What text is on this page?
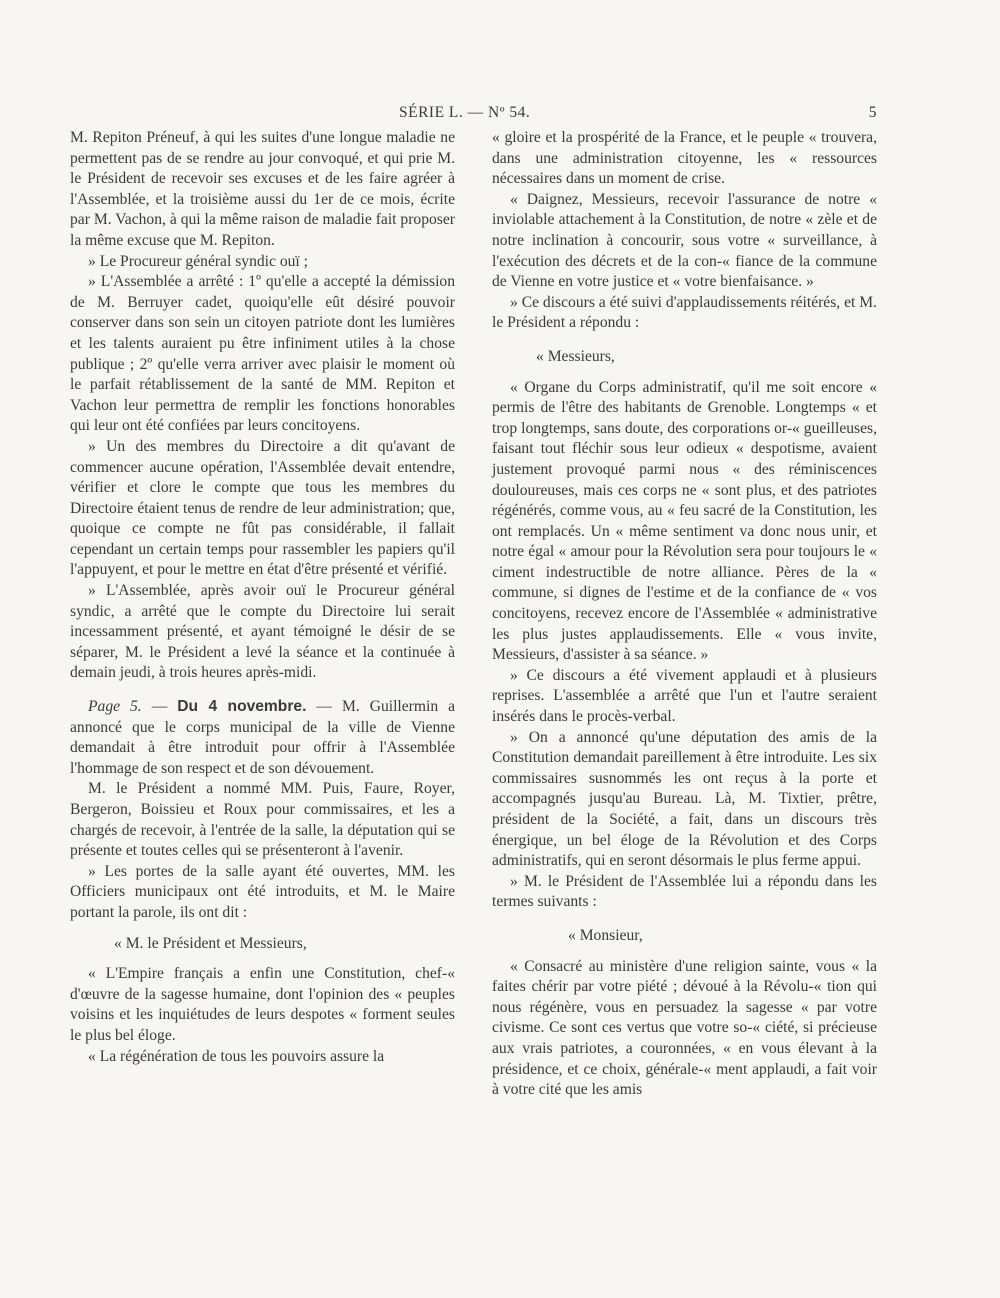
SÉRIE L. — Nº 54.	5

M. Repiton Préneuf, à qui les suites d'une longue maladie ne permettent pas de se rendre au jour convoqué, et qui prie M. le Président de recevoir ses excuses et de les faire agréer à l'Assemblée, et la troisième aussi du 1er de ce mois, écrite par M. Vachon, à qui la même raison de maladie fait proposer la même excuse que M. Repiton.

» Le Procureur général syndic ouï ;

» L'Assemblée a arrêté : 1º qu'elle a accepté la démission de M. Berruyer cadet, quoiqu'elle eût désiré pouvoir conserver dans son sein un citoyen patriote dont les lumières et les talents auraient pu être infiniment utiles à la chose publique ; 2º qu'elle verra arriver avec plaisir le moment où le parfait rétablissement de la santé de MM. Repiton et Vachon leur permettra de remplir les fonctions honorables qui leur ont été confiées par leurs concitoyens.

» Un des membres du Directoire a dit qu'avant de commencer aucune opération, l'Assemblée devait entendre, vérifier et clore le compte que tous les membres du Directoire étaient tenus de rendre de leur administration; que, quoique ce compte ne fût pas considérable, il fallait cependant un certain temps pour rassembler les papiers qu'il l'appuyent, et pour le mettre en état d'être présenté et vérifié.

» L'Assemblée, après avoir ouï le Procureur général syndic, a arrêté que le compte du Directoire lui serait incessamment présenté, et ayant témoigné le désir de se séparer, M. le Président a levé la séance et la continuée à demain jeudi, à trois heures après-midi.

Page 5. — Du 4 novembre. — M. Guillermin a annoncé que le corps municipal de la ville de Vienne demandait à être introduit pour offrir à l'Assemblée l'hommage de son respect et de son dévouement.

M. le Président a nommé MM. Puis, Faure, Royer, Bergeron, Boissieu et Roux pour commissaires, et les a chargés de recevoir, à l'entrée de la salle, la députation qui se présente et toutes celles qui se présenteront à l'avenir.

» Les portes de la salle ayant été ouvertes, MM. les Officiers municipaux ont été introduits, et M. le Maire portant la parole, ils ont dit :

« M. le Président et Messieurs,

« L'Empire français a enfin une Constitution, chef-« d'œuvre de la sagesse humaine, dont l'opinion des « peuples voisins et les inquiétudes de leurs despotes « forment seules le plus bel éloge.

« La régénération de tous les pouvoirs assure la

« gloire et la prospérité de la France, et le peuple « trouvera, dans une administration citoyenne, les « ressources nécessaires dans un moment de crise.

« Daignez, Messieurs, recevoir l'assurance de notre « inviolable attachement à la Constitution, de notre « zèle et de notre inclination à concourir, sous votre « surveillance, à l'exécution des décrets et de la con-« fiance de la commune de Vienne en votre justice et « votre bienfaisance. »

» Ce discours a été suivi d'applaudissements réitérés, et M. le Président a répondu :

« Messieurs,

« Organe du Corps administratif, qu'il me soit encore « permis de l'être des habitants de Grenoble. Longtemps « et trop longtemps, sans doute, des corporations or-« gueilleuses, faisant tout fléchir sous leur odieux « despotisme, avaient justement provoqué parmi nous « des réminiscences douloureuses, mais ces corps ne « sont plus, et des patriotes régénérés, comme vous, au « feu sacré de la Constitution, les ont remplacés. Un « même sentiment va donc nous unir, et notre égal « amour pour la Révolution sera pour toujours le « ciment indestructible de notre alliance. Pères de la « commune, si dignes de l'estime et de la confiance de « vos concitoyens, recevez encore de l'Assemblée « administrative les plus justes applaudissements. Elle « vous invite, Messieurs, d'assister à sa séance. »

» Ce discours a été vivement applaudi et à plusieurs reprises. L'assemblée a arrêté que l'un et l'autre seraient insérés dans le procès-verbal.

» On a annoncé qu'une députation des amis de la Constitution demandait pareillement à être introduite. Les six commissaires susnommés les ont reçus à la porte et accompagnés jusqu'au Bureau. Là, M. Tixtier, prêtre, président de la Société, a fait, dans un discours très énergique, un bel éloge de la Révolution et des Corps administratifs, qui en seront désormais le plus ferme appui.

» M. le Président de l'Assemblée lui a répondu dans les termes suivants :

« Monsieur,

« Consacré au ministère d'une religion sainte, vous « la faites chérir par votre piété ; dévoué à la Révolu-« tion qui nous régénère, vous en persuadez la sagesse « par votre civisme. Ce sont ces vertus que votre so-« ciété, si précieuse aux vrais patriotes, a couronnées, « en vous élevant à la présidence, et ce choix, générale-« ment applaudi, a fait voir à votre cité que les amis
